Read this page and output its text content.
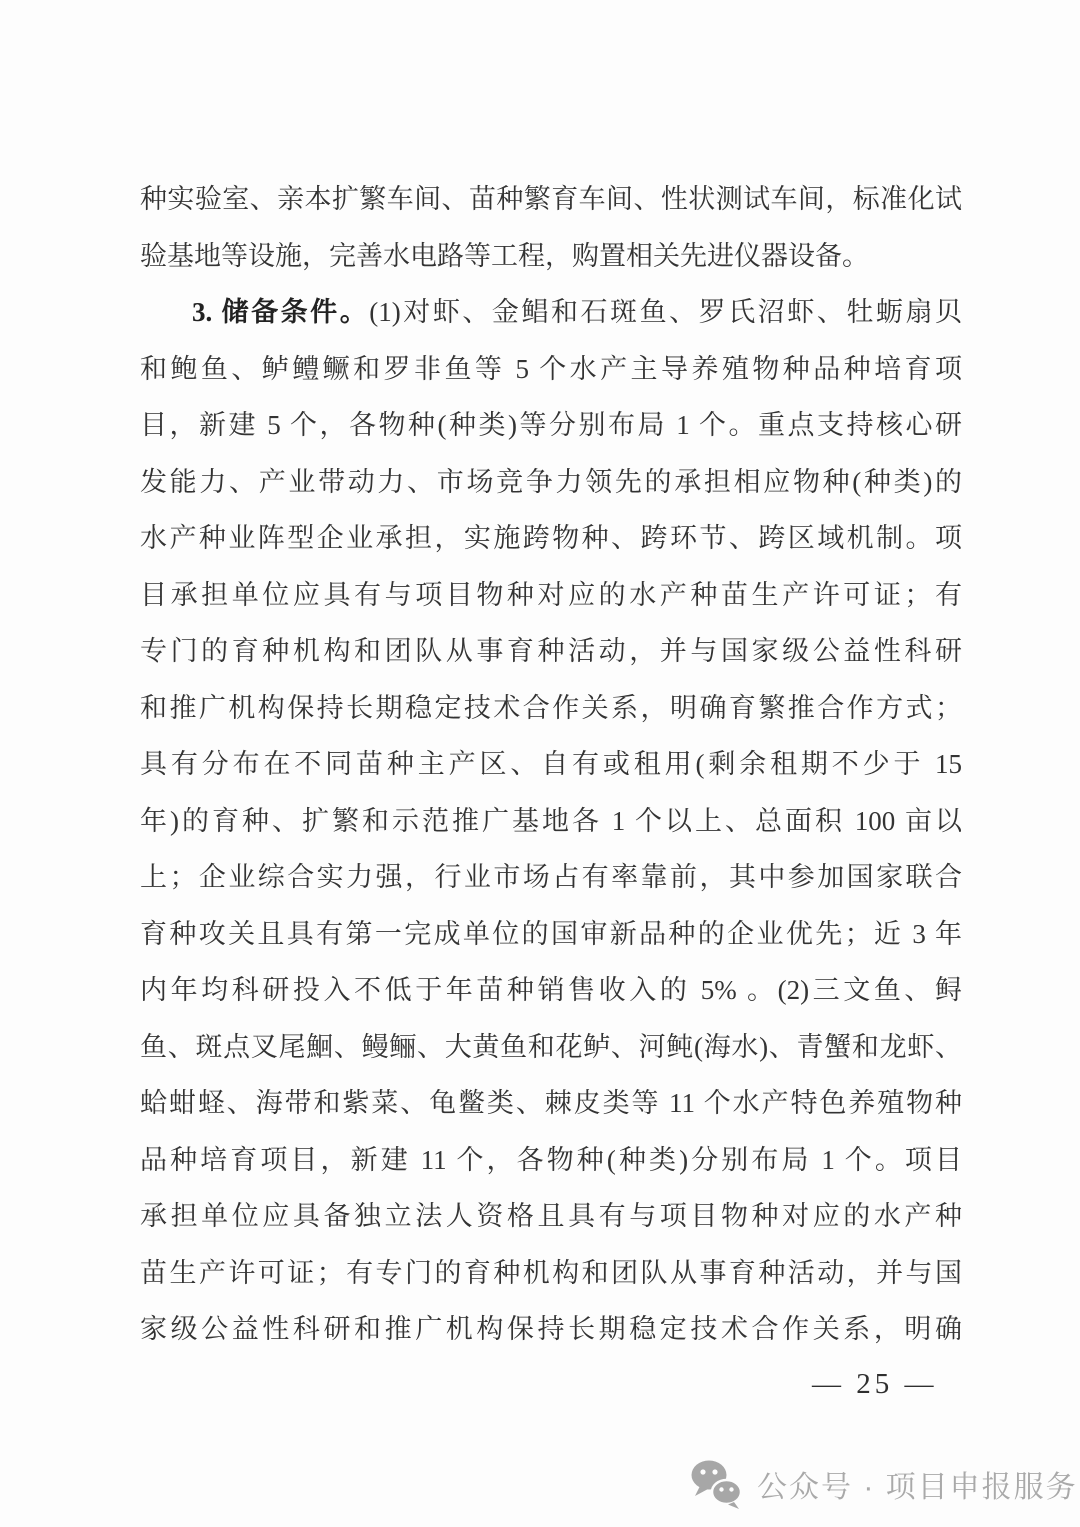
种实验室、亲本扩繁车间、苗种繁育车间、性状测试车间，标准化试
验基地等设施，完善水电路等工程，购置相关先进仪器设备。
3. 储备条件。(1)对虾、金鲳和石斑鱼、罗氏沼虾、牡蛎扇贝
和鲍鱼、鲈鳢鳜和罗非鱼等 5 个水产主导养殖物种品种培育项
目，新建 5 个，各物种(种类)等分别布局 1 个。重点支持核心研
发能力、产业带动力、市场竞争力领先的承担相应物种(种类)的
水产种业阵型企业承担，实施跨物种、跨环节、跨区域机制。项
目承担单位应具有与项目物种对应的水产种苗生产许可证；有
专门的育种机构和团队从事育种活动，并与国家级公益性科研
和推广机构保持长期稳定技术合作关系，明确育繁推合作方式；
具有分布在不同苗种主产区、自有或租用(剩余租期不少于 15
年)的育种、扩繁和示范推广基地各 1 个以上、总面积 100 亩以
上；企业综合实力强，行业市场占有率靠前，其中参加国家联合
育种攻关且具有第一完成单位的国审新品种的企业优先；近 3 年
内年均科研投入不低于年苗种销售收入的 5% 。(2)三文鱼、鲟
鱼、斑点叉尾鮰、鳗鲡、大黄鱼和花鲈、河鲀(海水)、青蟹和龙虾、
蛤蚶蛏、海带和紫菜、龟鳖类、棘皮类等 11 个水产特色养殖物种
品种培育项目，新建 11 个，各物种(种类)分别布局 1 个。项目
承担单位应具备独立法人资格且具有与项目物种对应的水产种
苗生产许可证；有专门的育种机构和团队从事育种活动，并与国
家级公益性科研和推广机构保持长期稳定技术合作关系，明确
— 25 —
公众号 · 项目申报服务
